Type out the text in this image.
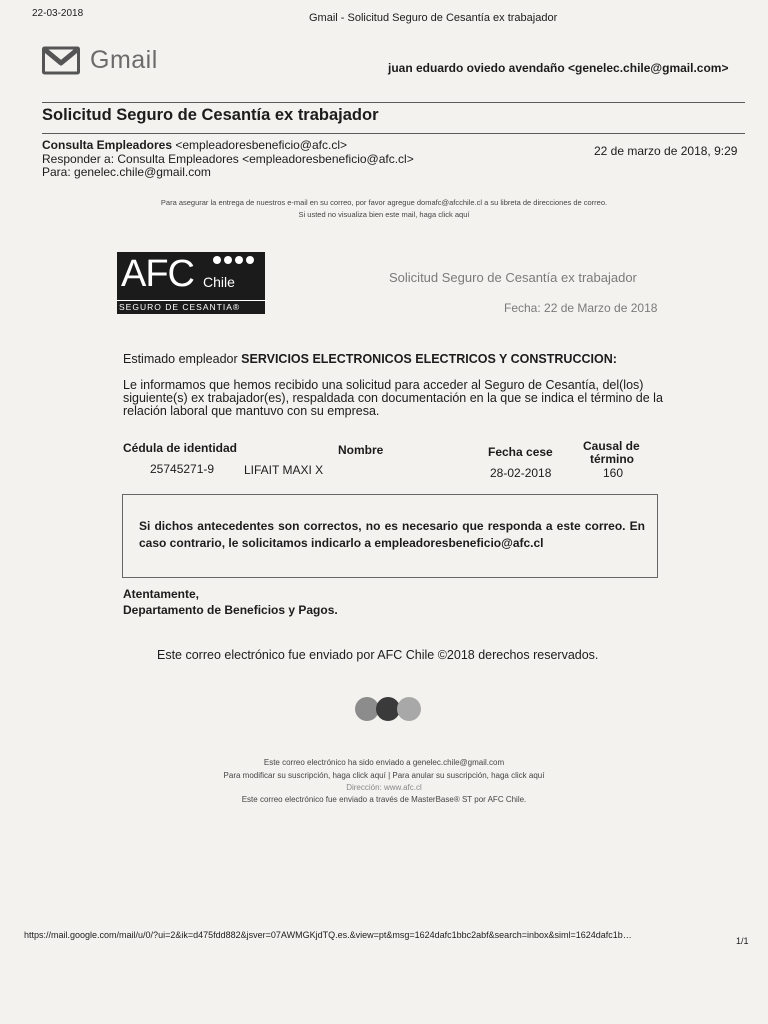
22-03-2018	Gmail - Solicitud Seguro de Cesantía ex trabajador
Gmail	juan eduardo oviedo avendaño <genelec.chile@gmail.com>
Solicitud Seguro de Cesantía ex trabajador
Consulta Empleadores <empleadoresbeneficio@afc.cl>
Responder a: Consulta Empleadores <empleadoresbeneficio@afc.cl>
Para: genelec.chile@gmail.com
22 de marzo de 2018, 9:29
Para asegurar la entrega de nuestros e-mail en su correo, por favor agregue domafc@afcchile.cl a su libreta de direcciones de correo.
Si usted no visualiza bien este mail, haga click aquí
AFC Chile
SEGURO DE CESANTIA®
Solicitud Seguro de Cesantía ex trabajador
Fecha: 22 de Marzo de 2018
Estimado empleador SERVICIOS ELECTRONICOS ELECTRICOS Y CONSTRUCCION:
Le informamos que hemos recibido una solicitud para acceder al Seguro de Cesantía, del(los) siguiente(s) ex trabajador(es), respaldada con documentación en la que se indica el término de la relación laboral que mantuvo con su empresa.
Cédula de identidad	Nombre	Fecha cese	Causal de
término
25745271-9 LIFAIT MAXI X	28-02-2018	160
Si dichos antecedentes son correctos, no es necesario que responda a este correo. En caso contrario, le solicitamos indicarlo a empleadoresbeneficio@afc.cl
Atentamente,
Departamento de Beneficios y Pagos.
Este correo electrónico fue enviado por AFC Chile ©2018 derechos reservados.
Este correo electrónico ha sido enviado a genelec.chile@gmail.com
Para modificar su suscripción, haga click aquí | Para anular su suscripción, haga click aquí
Dirección: www.afc.cl
Este correo electrónico fue enviado a través de MasterBase® ST por AFC Chile.
https://mail.google.com/mail/u/0/?ui=2&ik=d475fdd882&jsver=07AWMGKjdTQ.es.&view=pt&msg=1624dafc1bbc2abf&search=inbox&siml=1624dafc1b…
1/1
